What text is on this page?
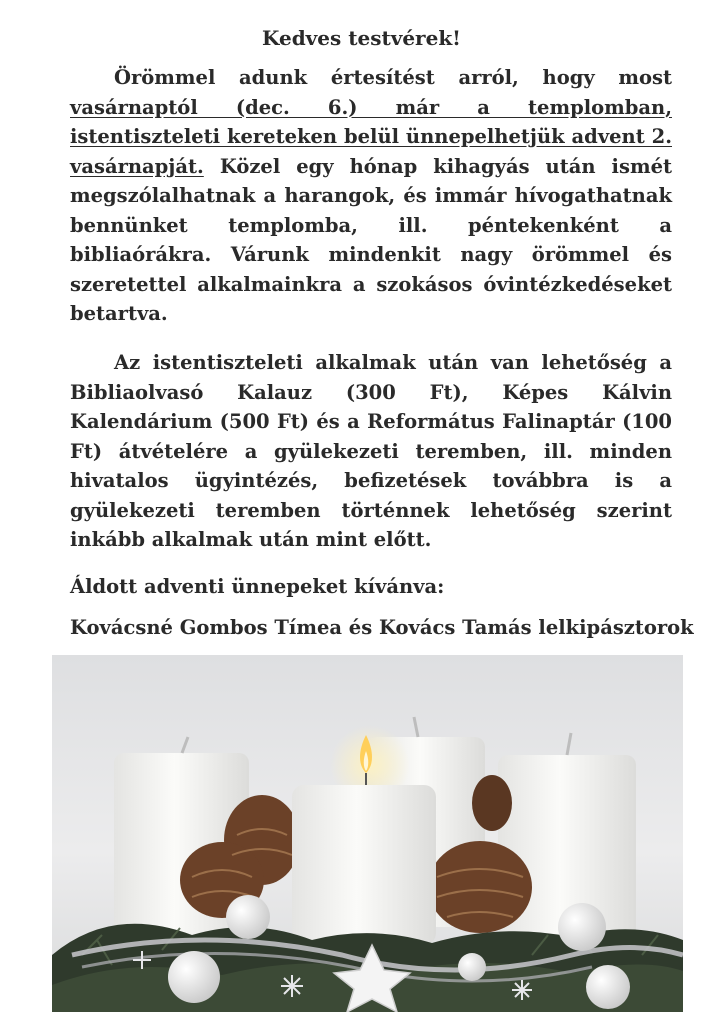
Kedves testvérek!
Örömmel adunk értesítést arról, hogy most vasárnaptól (dec. 6.) már a templomban, istentiszteleti kereteken belül ünnepelhetjük advent 2. vasárnapját. Közel egy hónap kihagyás után ismét megszólalhatnak a harangok, és immár hívogathatnak bennünket templomba, ill. péntekenként a bibliaórákra. Várunk mindenkit nagy örömmel és szeretettel alkalmainkra a szokásos óvintézkedéseket betartva.
Az istentiszteleti alkalmak után van lehetőség a Bibliaolvasó Kalauz (300 Ft), Képes Kálvin Kalendárium (500 Ft) és a Református Falinaptár (100 Ft) átvételére a gyülekezeti teremben, ill. minden hivatalos ügyintézés, befizetések továbbra is a gyülekezeti teremben történnek lehetőség szerint inkább alkalmak után mint előtt.
Áldott adventi ünnepeket kívánva:
Kovácsné Gombos Tímea és Kovács Tamás lelkipásztorok
